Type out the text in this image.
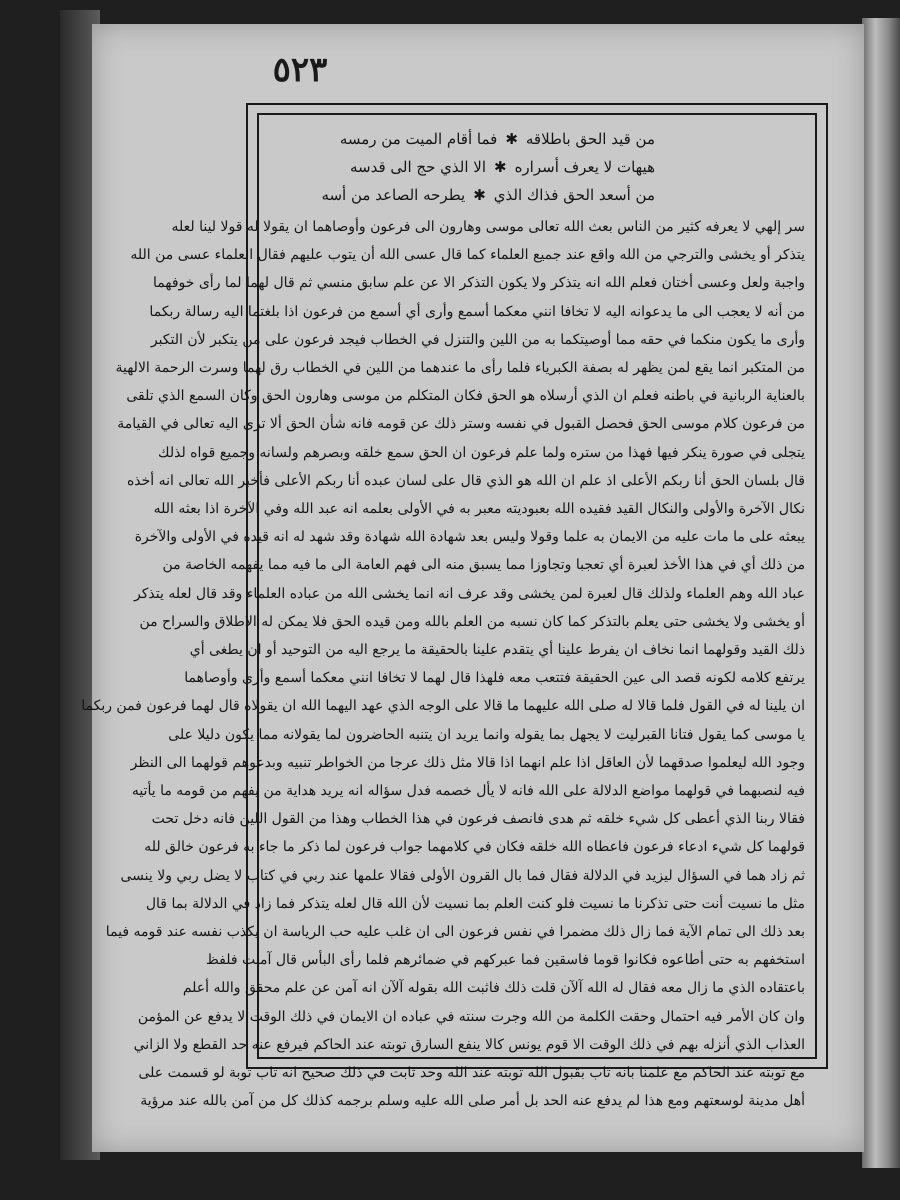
٥٢٣
من قيد الحق باطلاقه✱فما أقام الميت من رمسه
هيهات لا يعرف أسراره✱الا الذي حج الى قدسه
من أسعد الحق فذاك الذي✱يطرحه الصاعد من أسه
سر إلهي لا يعرفه كثير من الناس بعث الله تعالى موسى وهارون الى فرعون وأوصاهما ان يقولا له قولا لينا لعله
يتذكر أو يخشى والترجي من الله واقع عند جميع العلماء كما قال عسى الله أن يتوب عليهم فقال العلماء عسى من الله
واجبة ولعل وعسى أختان فعلم الله انه يتذكر ولا يكون التذكر الا عن علم سابق منسي ثم قال لهما لما رأى خوفهما
من أنه لا يعجب الى ما يدعوانه اليه لا تخافا انني معكما أسمع وأرى أي أسمع من فرعون اذا بلغتما اليه رسالة ربكما
وأرى ما يكون منكما في حقه مما أوصيتكما به من اللين والتنزل في الخطاب فيجد فرعون على من يتكبر لأن التكبر
من المتكبر انما يقع لمن يظهر له بصفة الكبرياء فلما رأى ما عندهما من اللين في الخطاب رق لهما وسرت الرحمة الالهية
بالعناية الربانية في باطنه فعلم ان الذي أرسلاه هو الحق فكان المتكلم من موسى وهارون الحق وكان السمع الذي تلقى
من فرعون كلام موسى الحق فحصل القبول في نفسه وستر ذلك عن قومه فانه شأن الحق ألا ترى اليه تعالى في القيامة
يتجلى في صورة ينكر فيها فهذا من ستره ولما علم فرعون ان الحق سمع خلقه وبصرهم ولسانه وجميع قواه لذلك
قال بلسان الحق أنا ربكم الأعلى اذ علم ان الله هو الذي قال على لسان عبده أنا ربكم الأعلى فأخبر الله تعالى انه أخذه
نكال الآخرة والأولى والنكال القيد فقيده الله بعبوديته معبر به في الأولى بعلمه انه عبد الله وفي الآخرة اذا بعثه الله
يبعثه على ما مات عليه من الايمان به علما وقولا وليس بعد شهادة الله شهادة وقد شهد له انه قيده في الأولى والآخرة
من ذلك أي في هذا الأخذ لعبرة أي تعجبا وتجاوزا مما يسبق منه الى فهم العامة الى ما فيه مما يفهمه الخاصة من
عباد الله وهم العلماء ولذلك قال لعبرة لمن يخشى وقد عرف انه انما يخشى الله من عباده العلماء وقد قال لعله يتذكر
أو يخشى ولا يخشى حتى يعلم بالتذكر كما كان نسبه من العلم بالله ومن قيده الحق فلا يمكن له الاطلاق والسراح من
ذلك القيد وقولهما انما نخاف ان يفرط علينا أي يتقدم علينا بالحقيقة ما يرجع اليه من التوحيد أو ان يطغى أي
يرتفع كلامه لكونه قصد الى عين الحقيقة فتتعب معه فلهذا قال لهما لا تخافا انني معكما أسمع وأرى وأوصاهما
ان يلينا له في القول فلما قالا له صلى الله عليهما ما قالا على الوجه الذي عهد اليهما الله ان يقولاه قال لهما فرعون فمن ربكما
يا موسى كما يقول فتانا القبرليت لا يجهل بما يقوله وانما يريد ان يتنبه الحاضرون لما يقولانه مما يكون دليلا على
وجود الله ليعلموا صدقهما لأن العاقل اذا علم انهما اذا قالا مثل ذلك عرجا من الخواطر تنبيه وبدعوهم قولهما الى النظر
فيه لنصبهما في قولهما مواضع الدلالة على الله فانه لا يأل خصمه فدل سؤاله انه يريد هداية من يفهم من قومه ما يأتيه
فقالا ربنا الذي أعطى كل شيء خلقه ثم هدى فانصف فرعون في هذا الخطاب وهذا من القول اللين فانه دخل تحت
قولهما كل شيء ادعاء فرعون فاعطاه الله خلقه فكان في كلامهما جواب فرعون لما ذكر ما جاء به فرعون خالق لله
ثم زاد هما في السؤال ليزيد في الدلالة فقال فما بال القرون الأولى فقالا علمها عند ربي في كتاب لا يضل ربي ولا ينسى
مثل ما نسيت أنت حتى تذكرنا ما نسيت فلو كنت العلم بما نسيت لأن الله قال لعله يتذكر فما زاد في الدلالة بما قال
بعد ذلك الى تمام الآية فما زال ذلك مضمرا في نفس فرعون الى ان غلب عليه حب الرياسة ان يكذب نفسه عند قومه فيما
استخفهم به حتى أطاعوه فكانوا قوما فاسقين فما عبركهم في ضمائرهم فلما رأى البأس قال آمنت فلفظ
باعتقاده الذي ما زال معه فقال له الله آلآن قلت ذلك فاثبت الله بقوله آلآن انه آمن عن علم محقق والله أعلم
وان كان الأمر فيه احتمال وحقت الكلمة من الله وجرت سنته في عباده ان الايمان في ذلك الوقت لا يدفع عن المؤمن
العذاب الذي أنزله بهم في ذلك الوقت الا قوم يونس كالا ينفع السارق توبته عند الحاكم فيرفع عنه حد القطع ولا الزاني
مع توبته عند الحاكم مع علمنا بانه تاب بقبول الله توبته عند الله وحد ثابت في ذلك صحيح انه تاب توبة لو قسمت على
أهل مدينة لوسعتهم ومع هذا لم يدفع عنه الحد بل أمر صلى الله عليه وسلم برجمه كذلك كل من آمن بالله عند مرؤية
